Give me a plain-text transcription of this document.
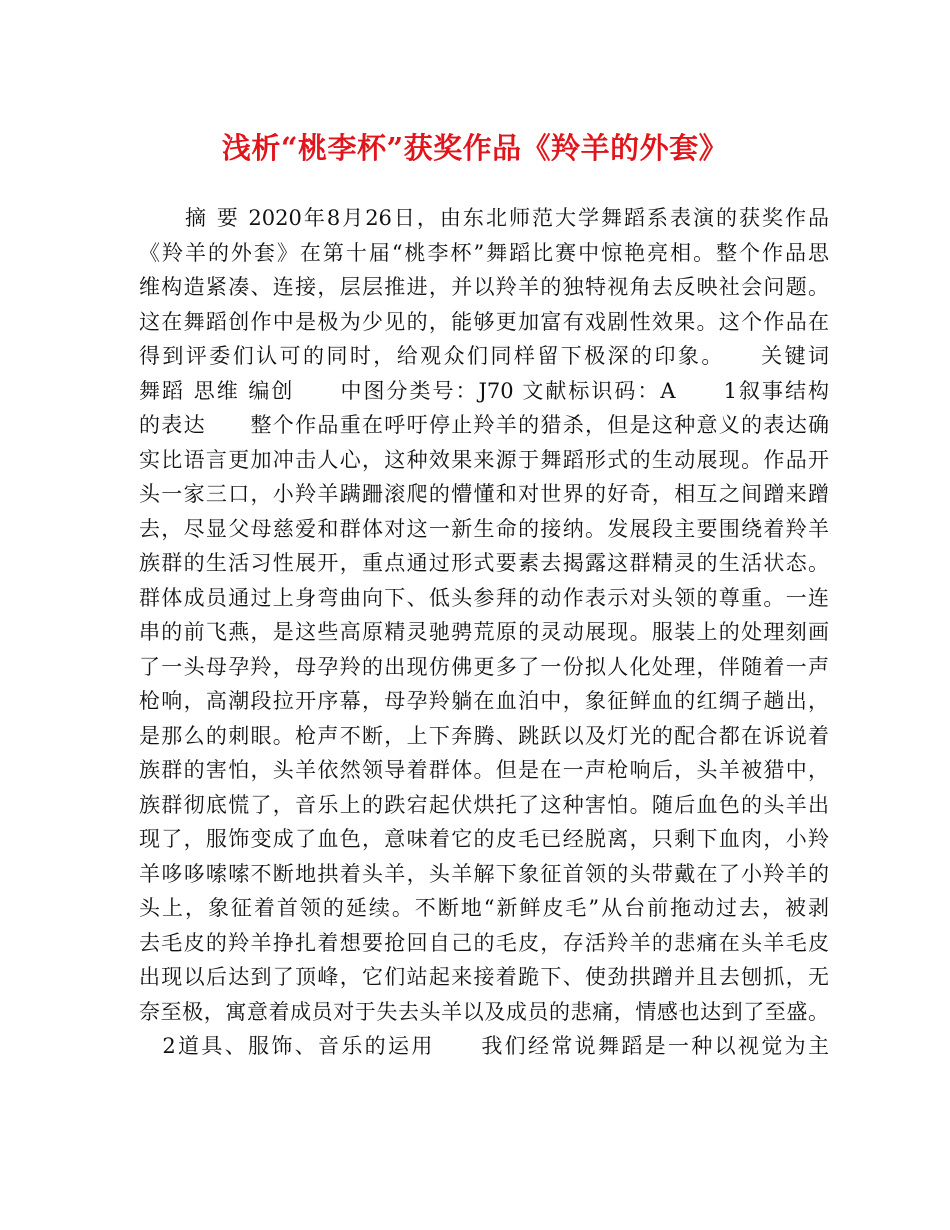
浅析“桃李杯”获奖作品《羚羊的外套》
　　摘 要 2020年8月26日，由东北师范大学舞蹈系表演的获奖作品
《羚羊的外套》在第十届“桃李杯”舞蹈比赛中惊艳亮相。整个作品思
维构造紧凑、连接，层层推进，并以羚羊的独特视角去反映社会问题。
这在舞蹈创作中是极为少见的，能够更加富有戏剧性效果。这个作品在
得到评委们认可的同时，给观众们同样留下极深的印象。　　关键词
舞蹈 思维 编创　　中图分类号：J70 文献标识码：A　　1叙事结构
的表达　　整个作品重在呼吁停止羚羊的猎杀，但是这种意义的表达确
实比语言更加冲击人心，这种效果来源于舞蹈形式的生动展现。作品开
头一家三口，小羚羊蹒跚滚爬的懵懂和对世界的好奇，相互之间蹭来蹭
去，尽显父母慈爱和群体对这一新生命的接纳。发展段主要围绕着羚羊
族群的生活习性展开，重点通过形式要素去揭露这群精灵的生活状态。
群体成员通过上身弯曲向下、低头参拜的动作表示对头领的尊重。一连
串的前飞燕，是这些高原精灵驰骋荒原的灵动展现。服装上的处理刻画
了一头母孕羚，母孕羚的出现仿佛更多了一份拟人化处理，伴随着一声
枪响，高潮段拉开序幕，母孕羚躺在血泊中，象征鲜血的红绸子趟出，
是那么的刺眼。枪声不断，上下奔腾、跳跃以及灯光的配合都在诉说着
族群的害怕，头羊依然领导着群体。但是在一声枪响后，头羊被猎中，
族群彻底慌了，音乐上的跌宕起伏烘托了这种害怕。随后血色的头羊出
现了，服饰变成了血色，意味着它的皮毛已经脱离，只剩下血肉，小羚
羊哆哆嗦嗦不断地拱着头羊，头羊解下象征首领的头带戴在了小羚羊的
头上，象征着首领的延续。不断地“新鲜皮毛”从台前拖动过去，被剥
去毛皮的羚羊挣扎着想要抢回自己的毛皮，存活羚羊的悲痛在头羊毛皮
出现以后达到了顶峰，它们站起来接着跪下、使劲拱蹭并且去刨抓，无
奈至极，寓意着成员对于失去头羊以及成员的悲痛，情感也达到了至盛。
　2道具、服饰、音乐的运用　　我们经常说舞蹈是一种以视觉为主
